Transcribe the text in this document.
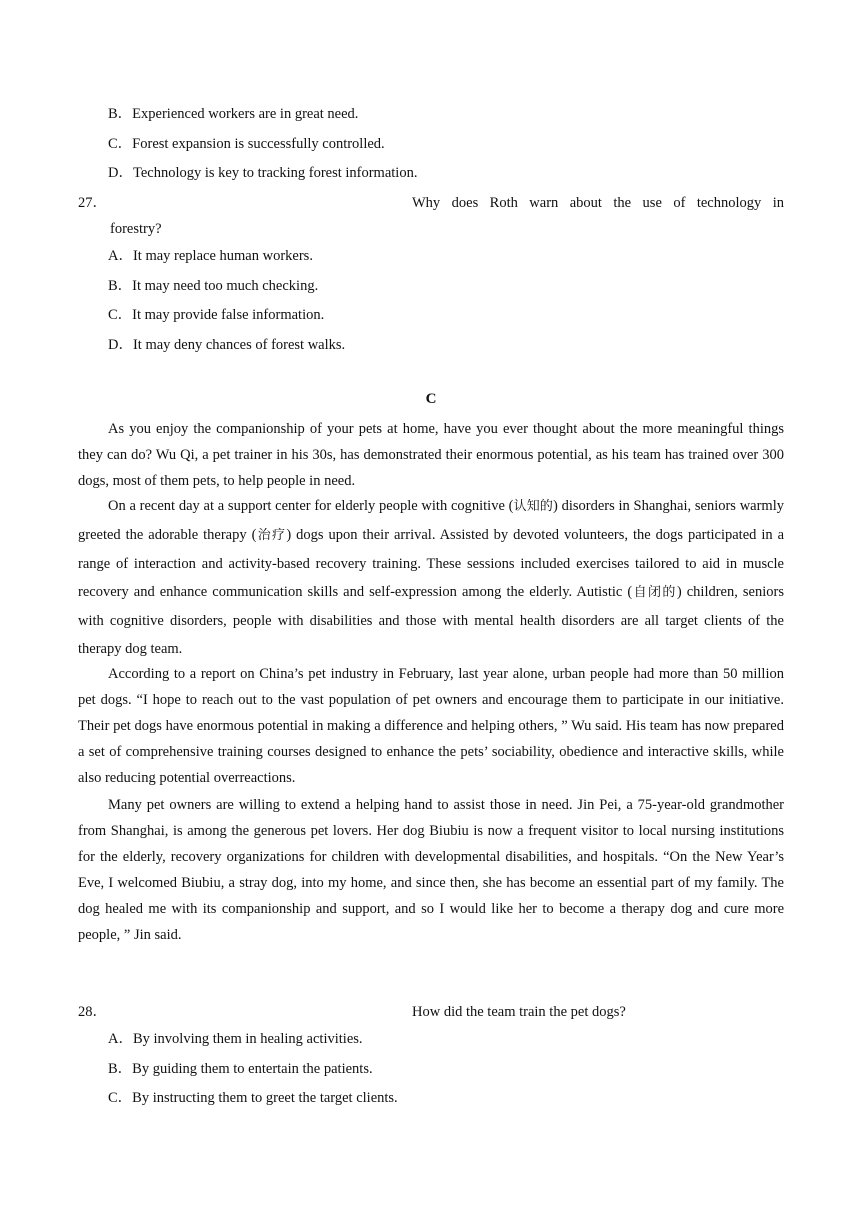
B．Experienced workers are in great need.
C．Forest expansion is successfully controlled.
D．Technology is key to tracking forest information.
27．	Why does Roth warn about the use of technology in
forestry?
A．It may replace human workers.
B．It may need too much checking.
C．It may provide false information.
D．It may deny chances of forest walks.
C

As you enjoy the companionship of your pets at home, have you ever thought about the more meaningful things they can do? Wu Qi, a pet trainer in his 30s, has demonstrated their enormous potential, as his team has trained over 300 dogs, most of them pets, to help people in need.

On a recent day at a support center for elderly people with cognitive (认知的) disorders in Shanghai, seniors warmly greeted the adorable therapy (治疗) dogs upon their arrival. Assisted by devoted volunteers, the dogs participated in a range of interaction and activity-based recovery training. These sessions included exercises tailored to aid in muscle recovery and enhance communication skills and self-expression among the elderly. Autistic (自闭的) children, seniors with cognitive disorders, people with disabilities and those with mental health disorders are all target clients of the therapy dog team.

According to a report on China’s pet industry in February, last year alone, urban people had more than 50 million pet dogs. “I hope to reach out to the vast population of pet owners and encourage them to participate in our initiative. Their pet dogs have enormous potential in making a difference and helping others, ” Wu said. His team has now prepared a set of comprehensive training courses designed to enhance the pets’ sociability, obedience and interactive skills, while also reducing potential overreactions.

Many pet owners are willing to extend a helping hand to assist those in need. Jin Pei, a 75-year-old grandmother from Shanghai, is among the generous pet lovers. Her dog Biubiu is now a frequent visitor to local nursing institutions for the elderly, recovery organizations for children with developmental disabilities, and hospitals. “On the New Year’s Eve, I welcomed Biubiu, a stray dog, into my home, and since then, she has become an essential part of my family. The dog healed me with its companionship and support, and so I would like her to become a therapy dog and cure more people, ” Jin said.

28．	How did the team train the pet dogs?
A．By involving them in healing activities.
B．By guiding them to entertain the patients.
C．By instructing them to greet the target clients.
